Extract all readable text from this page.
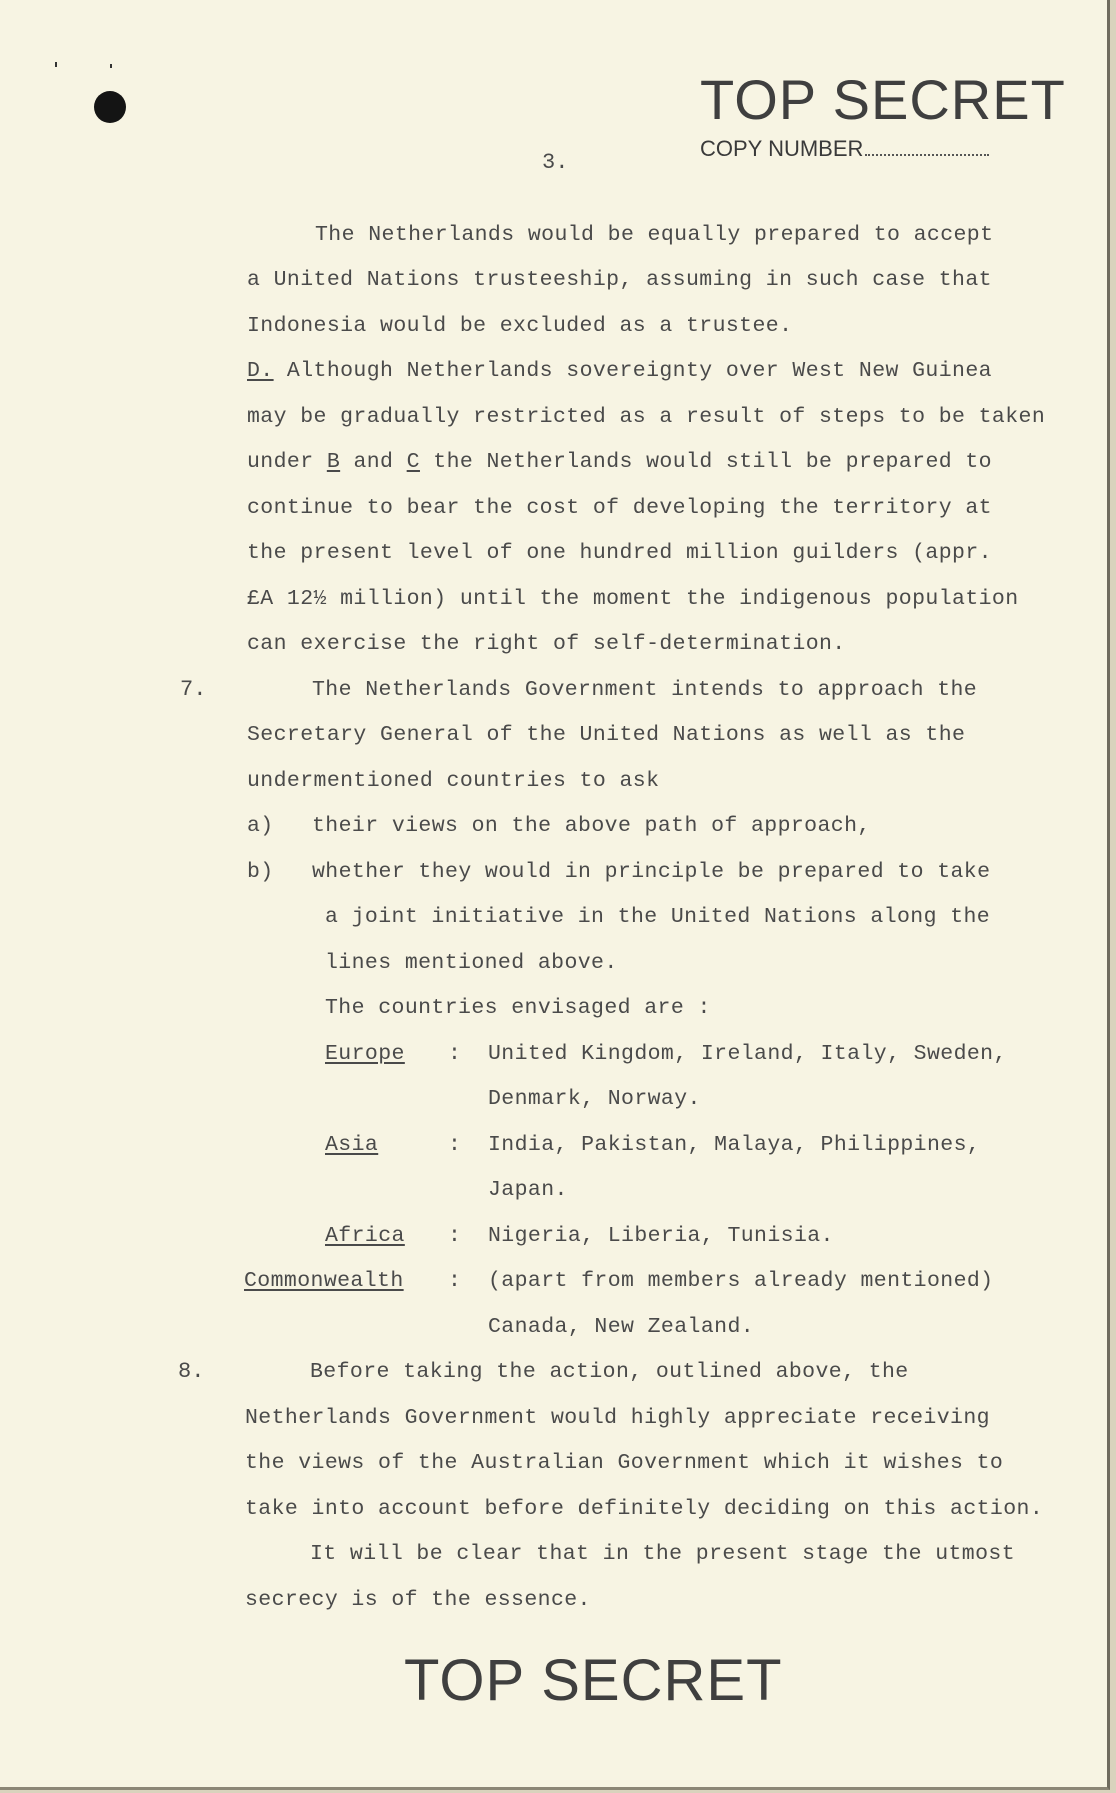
TOP SECRET
COPY NUMBER
3.
The Netherlands would be equally prepared to accept
a United Nations trusteeship, assuming in such case that
Indonesia would be excluded as a trustee.
D. Although Netherlands sovereignty over West New Guinea
may be gradually restricted as a result of steps to be taken
under B and C the Netherlands would still be prepared to
continue to bear the cost of developing the territory at
the present level of one hundred million guilders (appr.
£A 12½ million) until the moment the indigenous population
can exercise the right of self-determination.
7.	The Netherlands Government intends to approach the
Secretary General of the United Nations as well as the
undermentioned countries to ask
a) their views on the above path of approach,
b) whether they would in principle be prepared to take
a joint initiative in the United Nations along the
lines mentioned above.
The countries envisaged are :
Europe : United Kingdom, Ireland, Italy, Sweden,
Denmark, Norway.
Asia	: India, Pakistan, Malaya, Philippines,
Japan.
Africa : Nigeria, Liberia, Tunisia.
Commonwealth : (apart from members already mentioned)
Canada, New Zealand.
8.	Before taking the action, outlined above, the
Netherlands Government would highly appreciate receiving
the views of the Australian Government which it wishes to
take into account before definitely deciding on this action.
It will be clear that in the present stage the utmost
secrecy is of the essence.
TOP SECRET
